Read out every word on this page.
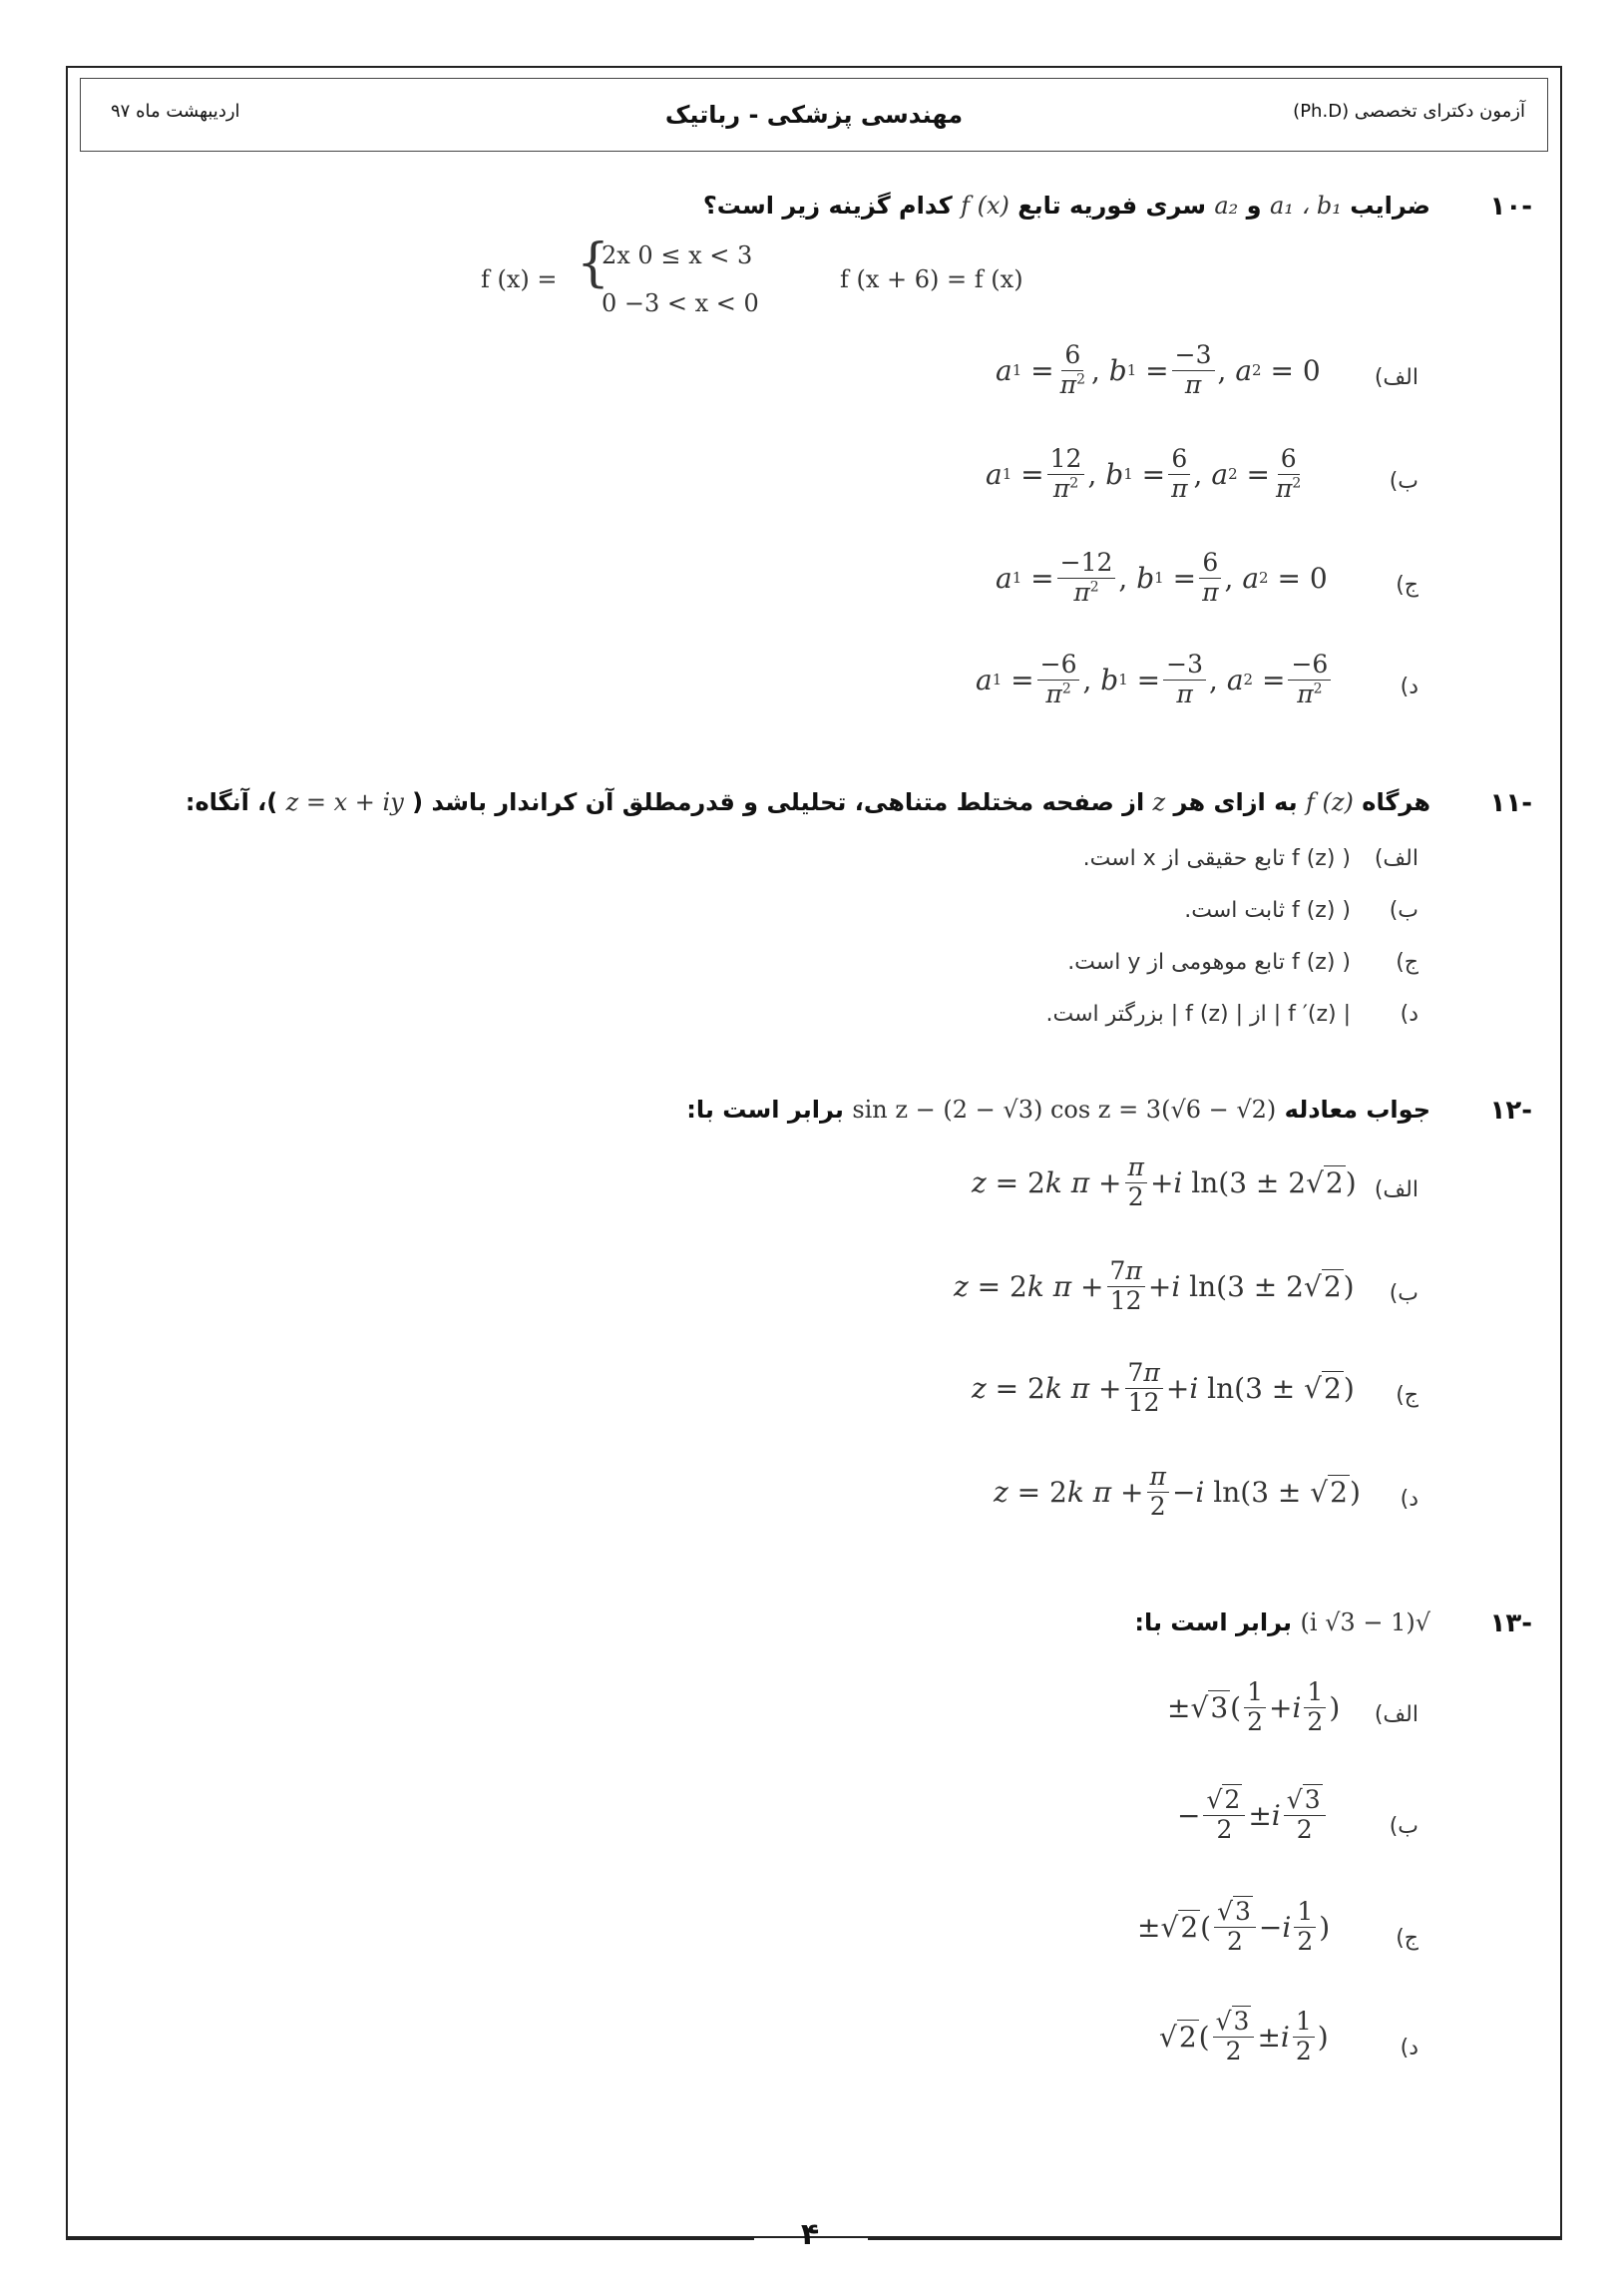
آزمون دکترای تخصصی (Ph.D)
مهندسی پزشکی - رباتیک
اردیبهشت ماه ۹۷
-۱۰
ضرایب a₁ ، b₁ و a₂ سری فوریه تابع f (x) کدام گزینه زیر است؟
f (x) = {
2x 0 ≤ x < 3
0 −3 < x < 0
f (x + 6) = f (x)
الف)
a $1 = \frac{6}{\pi^2}$ , b $1 = \frac{-3}{\pi}$ , a 2 = 0
ب)
a $1 = \frac{12}{\pi^2}$ , b $1 = \frac{6}{\pi}$ , a $2 = \frac{6}{\pi^2}$
ج)
a $1 = \frac{-12}{\pi^2}$ , b $1 = \frac{6}{\pi}$ , a 2 = 0
د)
a $1 = \frac{-6}{\pi^2}$ , b $1 = \frac{-3}{\pi}$ , a $2 = \frac{-6}{\pi^2}$
-۱۱
هرگاه f (z) به ازای هر z از صفحه مختلط متناهی، تحلیلی و قدرمطلق آن کراندار باشد ( z = x + iy )، آنگاه:
الف)
( f (z) تابع حقیقی از x است.
ب)
( f (z) ثابت است.
ج)
( f (z) تابع موهومی از y است.
د)
| f ′(z) | از | f (z) | بزرگتر است.
-۱۲
جواب معادله sin z − (2 − √3) cos z = 3(√6 − √2) برابر است با:
الف)
z = 2 k $\pi + \frac{\pi}{2} + i$ ln(3 ± 2√ 2 )
ب)
z = 2 k $\pi + \frac{7\pi}{12} + i$ ln(3 ± 2√ 2 )
ج)
z = 2 k $\pi + \frac{7\pi}{12} + i$ ln(3 ± √ 2 )
د)
z = 2 k $\pi + \frac{\pi}{2} - i$ ln(3 ± √ 2 )
-۱۳
√(1 − i √3) برابر است با:
الف)
±√ 3 ( $\frac{1}{2} + i \frac{1}{2}$ )
ب)
− $\frac{√2}{2} \pm i \frac{√3}{2}$
ج)
±√ 2 ( $\frac{√3}{2} - i \frac{1}{2}$ )
د)
√ 2 ( $\frac{√3}{2} \pm i \frac{1}{2}$ )
۴
